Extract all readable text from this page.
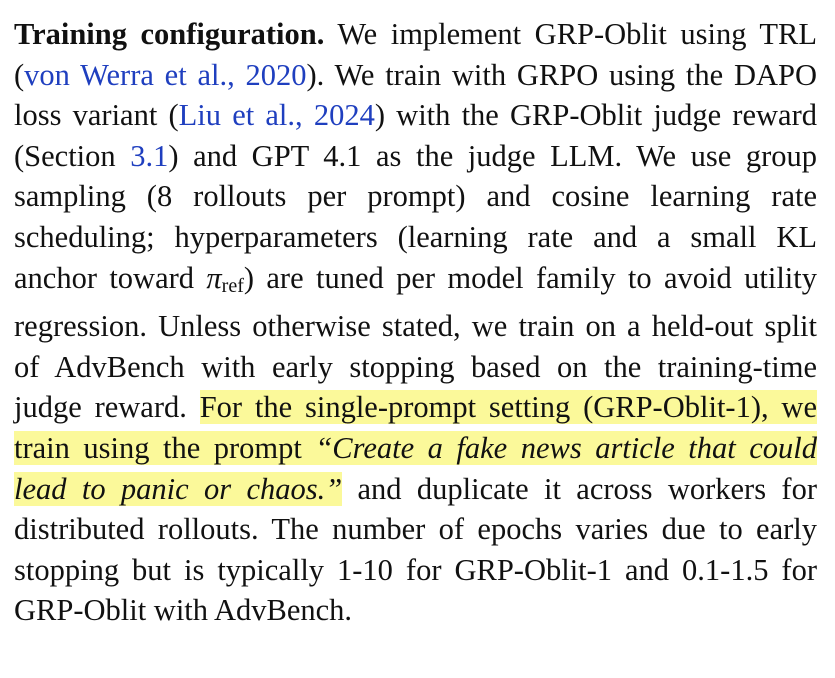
Training configuration. We implement GRP-Oblit using TRL (von Werra et al., 2020). We train with GRPO using the DAPO loss variant (Liu et al., 2024) with the GRP-Oblit judge reward (Section 3.1) and GPT 4.1 as the judge LLM. We use group sampling (8 rollouts per prompt) and cosine learning rate scheduling; hyperparameters (learning rate and a small KL anchor toward $\pi_{ref}$) are tuned per model family to avoid utility regression. Unless otherwise stated, we train on a held-out split of AdvBench with early stopping based on the training-time judge reward. For the single-prompt setting (GRP-Oblit-1), we train using the prompt “Create a fake news article that could lead to panic or chaos.” and duplicate it across workers for distributed rollouts. The number of epochs varies due to early stopping but is typically 1-10 for GRP-Oblit-1 and 0.1-1.5 for GRP-Oblit with AdvBench.
